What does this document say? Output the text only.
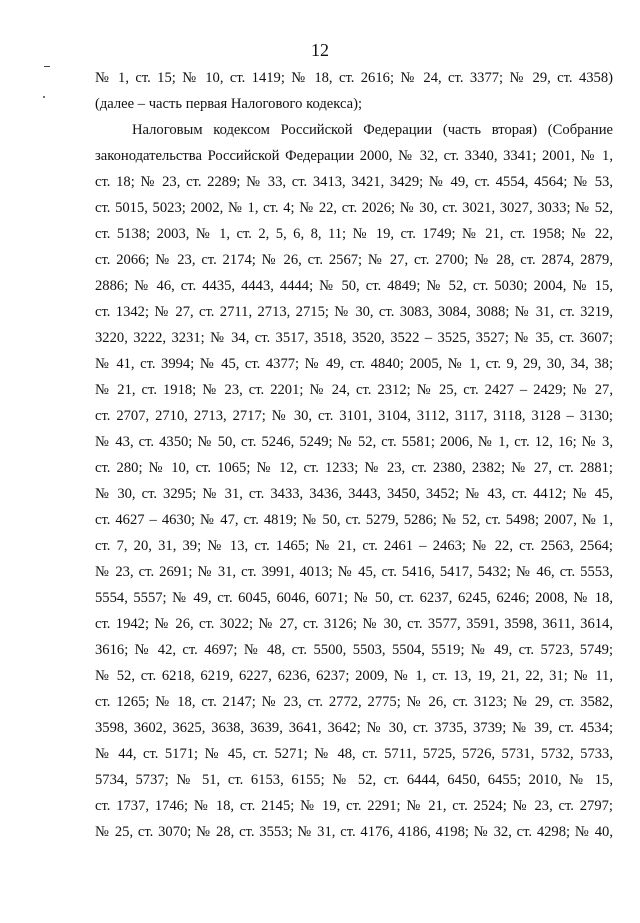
12
№ 1, ст. 15; № 10, ст. 1419; № 18, ст. 2616; № 24, ст. 3377; № 29, ст. 4358)
(далее – часть первая Налогового кодекса);
Налоговым кодексом Российской Федерации (часть вторая) (Собрание
законодательства Российской Федерации 2000, № 32, ст. 3340, 3341; 2001, № 1,
ст. 18; № 23, ст. 2289; № 33, ст. 3413, 3421, 3429; № 49, ст. 4554, 4564; № 53,
ст. 5015, 5023; 2002, № 1, ст. 4; № 22, ст. 2026; № 30, ст. 3021, 3027, 3033; № 52,
ст. 5138; 2003, № 1, ст. 2, 5, 6, 8, 11; № 19, ст. 1749; № 21, ст. 1958; № 22,
ст. 2066; № 23, ст. 2174; № 26, ст. 2567; № 27, ст. 2700; № 28, ст. 2874, 2879,
2886; № 46, ст. 4435, 4443, 4444; № 50, ст. 4849; № 52, ст. 5030; 2004, № 15,
ст. 1342; № 27, ст. 2711, 2713, 2715; № 30, ст. 3083, 3084, 3088; № 31, ст. 3219,
3220, 3222, 3231; № 34, ст. 3517, 3518, 3520, 3522 – 3525, 3527; № 35, ст. 3607;
№ 41, ст. 3994; № 45, ст. 4377; № 49, ст. 4840; 2005, № 1, ст. 9, 29, 30, 34, 38;
№ 21, ст. 1918; № 23, ст. 2201; № 24, ст. 2312; № 25, ст. 2427 – 2429; № 27,
ст. 2707, 2710, 2713, 2717; № 30, ст. 3101, 3104, 3112, 3117, 3118, 3128 – 3130;
№ 43, ст. 4350; № 50, ст. 5246, 5249; № 52, ст. 5581; 2006, № 1, ст. 12, 16; № 3,
ст. 280; № 10, ст. 1065; № 12, ст. 1233; № 23, ст. 2380, 2382; № 27, ст. 2881;
№ 30, ст. 3295; № 31, ст. 3433, 3436, 3443, 3450, 3452; № 43, ст. 4412; № 45,
ст. 4627 – 4630; № 47, ст. 4819; № 50, ст. 5279, 5286; № 52, ст. 5498; 2007, № 1,
ст. 7, 20, 31, 39; № 13, ст. 1465; № 21, ст. 2461 – 2463; № 22, ст. 2563, 2564;
№ 23, ст. 2691; № 31, ст. 3991, 4013; № 45, ст. 5416, 5417, 5432; № 46, ст. 5553,
5554, 5557; № 49, ст. 6045, 6046, 6071; № 50, ст. 6237, 6245, 6246; 2008, № 18,
ст. 1942; № 26, ст. 3022; № 27, ст. 3126; № 30, ст. 3577, 3591, 3598, 3611, 3614,
3616; № 42, ст. 4697; № 48, ст. 5500, 5503, 5504, 5519; № 49, ст. 5723, 5749;
№ 52, ст. 6218, 6219, 6227, 6236, 6237; 2009, № 1, ст. 13, 19, 21, 22, 31; № 11,
ст. 1265; № 18, ст. 2147; № 23, ст. 2772, 2775; № 26, ст. 3123; № 29, ст. 3582,
3598, 3602, 3625, 3638, 3639, 3641, 3642; № 30, ст. 3735, 3739; № 39, ст. 4534;
№ 44, ст. 5171; № 45, ст. 5271; № 48, ст. 5711, 5725, 5726, 5731, 5732, 5733,
5734, 5737; № 51, ст. 6153, 6155; № 52, ст. 6444, 6450, 6455; 2010, № 15,
ст. 1737, 1746; № 18, ст. 2145; № 19, ст. 2291; № 21, ст. 2524; № 23, ст. 2797;
№ 25, ст. 3070; № 28, ст. 3553; № 31, ст. 4176, 4186, 4198; № 32, ст. 4298; № 40,
